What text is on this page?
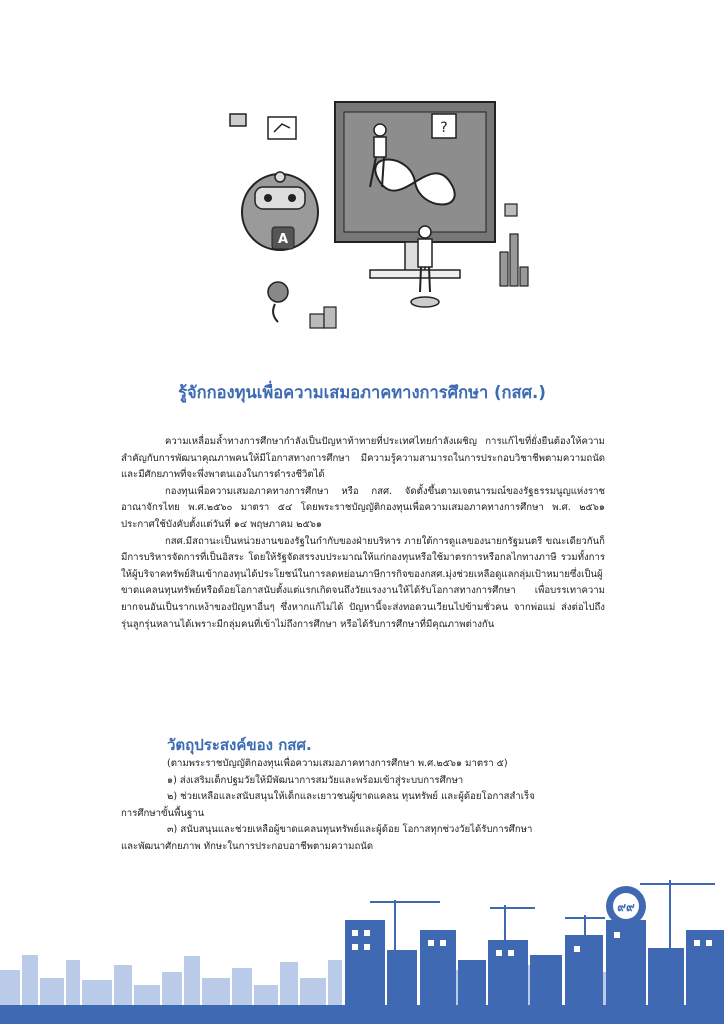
A
?
รู้จักกองทุนเพื่อความเสมอภาคทางการศึกษา (กสศ.)

ความเหลื่อมล้ำทางการศึกษากำลังเป็นปัญหาท้าทายที่ประเทศไทยกำลังเผชิญ การแก้ไขที่ยั่งยืนต้องให้ความสำคัญกับการพัฒนาคุณภาพคนให้มีโอกาสทางการศึกษา มีความรู้ความสามารถในการประกอบวิชาชีพตามความถนัดและมีศักยภาพที่จะพึ่งพาตนเองในการดำรงชีวิตได้

กองทุนเพื่อความเสมอภาคทางการศึกษา หรือ กสศ. จัดตั้งขึ้นตามเจตนารมณ์ของรัฐธรรมนูญแห่งราชอาณาจักรไทย พ.ศ.๒๕๖๐ มาตรา ๕๔ โดยพระราชบัญญัติกองทุนเพื่อความเสมอภาคทางการศึกษา พ.ศ. ๒๕๖๑ ประกาศใช้บังคับตั้งแต่วันที่ ๑๔ พฤษภาคม ๒๕๖๑

กสศ.มีสถานะเป็นหน่วยงานของรัฐในกำกับของฝ่ายบริหาร ภายใต้การดูแลของนายกรัฐมนตรี ขณะเดียวกันก็มีการบริหารจัดการที่เป็นอิสระ โดยให้รัฐจัดสรรงบประมาณให้แก่กองทุนหรือใช้มาตรการหรือกลไกทางภาษี รวมทั้งการให้ผู้บริจาคทรัพย์สินเข้ากองทุนได้ประโยชน์ในการลดหย่อนภาษีการกิจของกสศ.มุ่งช่วยเหลือดูแลกลุ่มเป้าหมายซึ่งเป็นผู้ขาดแคลนทุนทรัพย์หรือด้อยโอกาสนับตั้งแต่แรกเกิดจนถึงวัยแรงงานให้ได้รับโอกาสทางการศึกษา เพื่อบรรเทาความยากจนอันเป็นรากเหง้าของปัญหาอื่นๆ ซึ่งหากแก้ไม่ได้ ปัญหานี้จะส่งทอดวนเวียนไปข้ามชั่วคน จากพ่อแม่ ส่งต่อไปถึงรุ่นลูกรุ่นหลานได้เพราะมีกลุ่มคนที่เข้าไม่ถึงการศึกษา หรือได้รับการศึกษาที่มีคุณภาพต่างกัน

วัตถุประสงค์ของ กสศ.
(ตามพระราชบัญญัติกองทุนเพื่อความเสมอภาคทางการศึกษา พ.ศ.๒๕๖๑ มาตรา ๕)
๑) ส่งเสริมเด็กปฐมวัยให้มีพัฒนาการสมวัยและพร้อมเข้าสู่ระบบการศึกษา
๒) ช่วยเหลือและสนับสนุนให้เด็กและเยาวชนผู้ขาดแคลน ทุนทรัพย์ และผู้ด้อยโอกาสสำเร็จ
การศึกษาขั้นพื้นฐาน
๓) สนับสนุนและช่วยเหลือผู้ขาดแคลนทุนทรัพย์และผู้ด้อย โอกาสทุกช่วงวัยได้รับการศึกษา
และพัฒนาศักยภาพ ทักษะในการประกอบอาชีพตามความถนัด
๙๙
